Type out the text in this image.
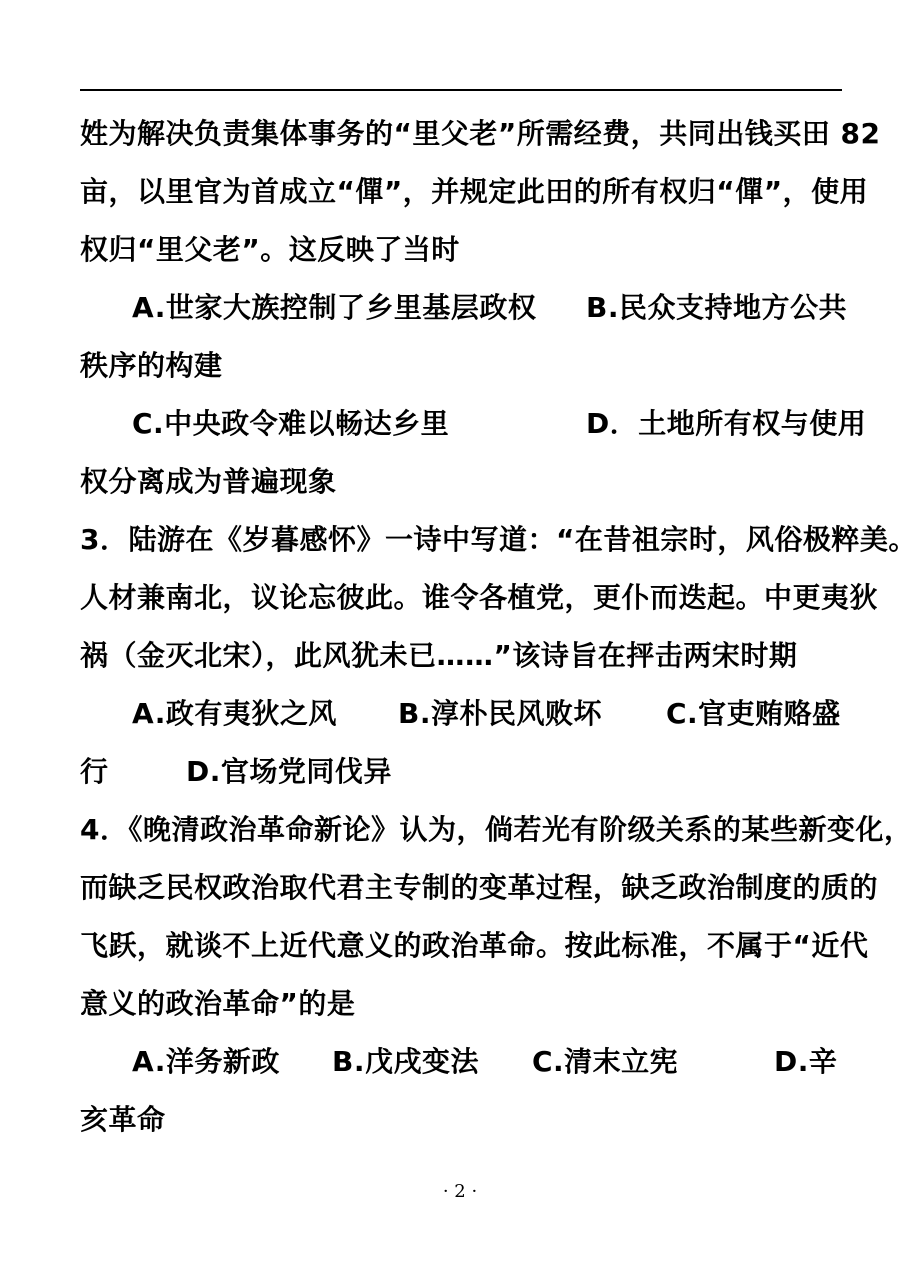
姓为解决负责集体事务的“里父老”所需经费，共同出钱买田 82
亩，以里官为首成立“僤”，并规定此田的所有权归“僤”，使用
权归“里父老”。这反映了当时
A.世家大族控制了乡里基层政权 B.民众支持地方公共
秩序的构建
C.中央政令难以畅达乡里	D．土地所有权与使用
权分离成为普遍现象
3．陆游在《岁暮感怀》一诗中写道：“在昔祖宗时，风俗极粹美。
人材兼南北，议论忘彼此。谁令各植党，更仆而迭起。中更夷狄
祸（金灭北宋），此风犹未已……”该诗旨在抨击两宋时期
A.政有夷狄之风 B.淳朴民风败坏 C.官吏贿赂盛
行	D.官场党同伐异
4．《晚清政治革命新论》认为，倘若光有阶级关系的某些新变化，
而缺乏民权政治取代君主专制的变革过程，缺乏政治制度的质的
飞跃，就谈不上近代意义的政治革命。按此标准，不属于“近代
意义的政治革命”的是
A.洋务新政 B.戊戌变法 C.清末立宪	D.辛
亥革命
· 2 ·
